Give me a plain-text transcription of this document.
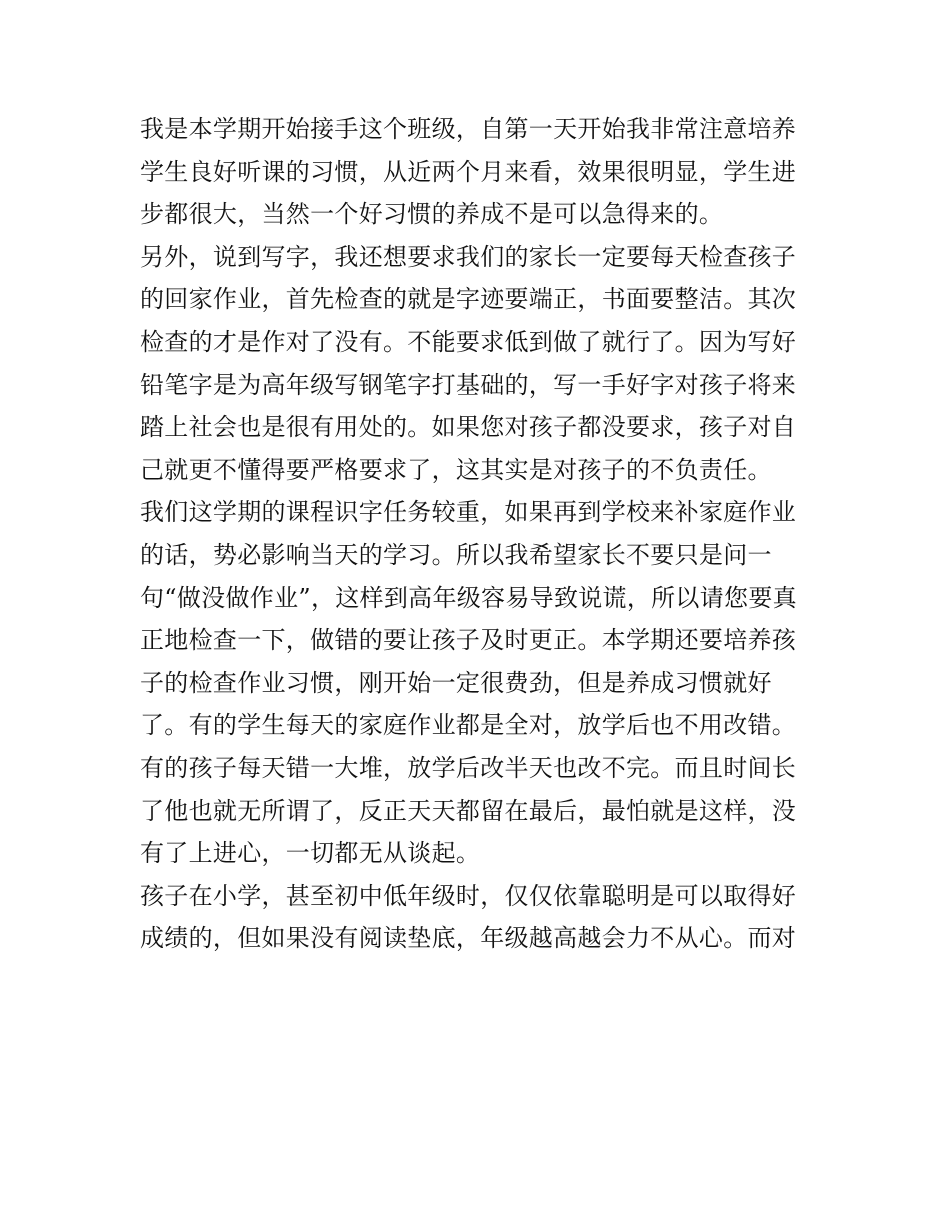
我是本学期开始接手这个班级，自第一天开始我非常注意培养
学生良好听课的习惯，从近两个月来看，效果很明显，学生进
步都很大，当然一个好习惯的养成不是可以急得来的。
另外，说到写字，我还想要求我们的家长一定要每天检查孩子
的回家作业，首先检查的就是字迹要端正，书面要整洁。其次
检查的才是作对了没有。不能要求低到做了就行了。因为写好
铅笔字是为高年级写钢笔字打基础的，写一手好字对孩子将来
踏上社会也是很有用处的。如果您对孩子都没要求，孩子对自
己就更不懂得要严格要求了，这其实是对孩子的不负责任。
我们这学期的课程识字任务较重，如果再到学校来补家庭作业
的话，势必影响当天的学习。所以我希望家长不要只是问一
句“做没做作业”，这样到高年级容易导致说谎，所以请您要真
正地检查一下，做错的要让孩子及时更正。本学期还要培养孩
子的检查作业习惯，刚开始一定很费劲，但是养成习惯就好
了。有的学生每天的家庭作业都是全对，放学后也不用改错。
有的孩子每天错一大堆，放学后改半天也改不完。而且时间长
了他也就无所谓了，反正天天都留在最后，最怕就是这样，没
有了上进心，一切都无从谈起。
孩子在小学，甚至初中低年级时，仅仅依靠聪明是可以取得好
成绩的，但如果没有阅读垫底，年级越高越会力不从心。而对
